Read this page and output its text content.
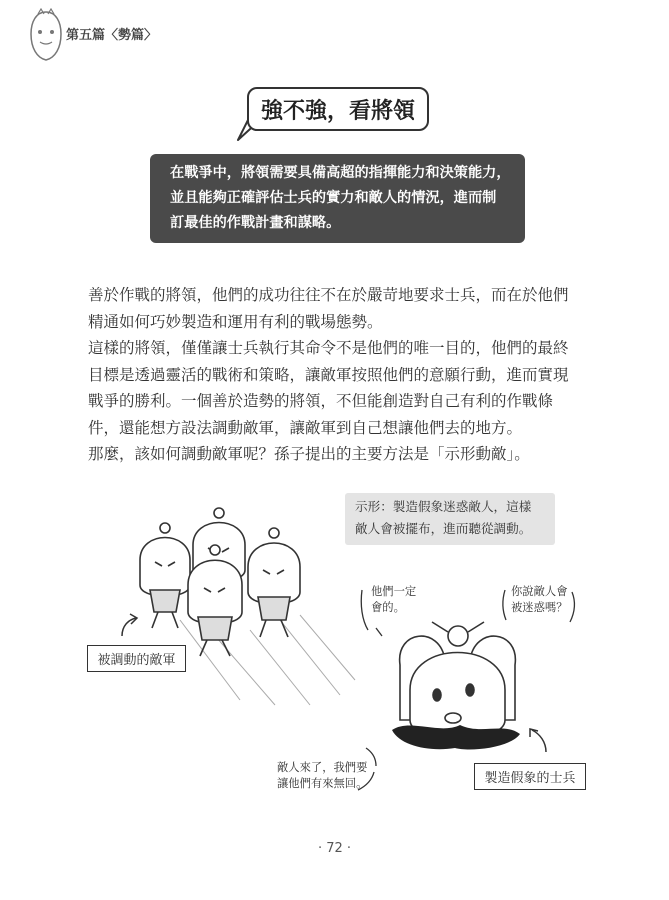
第五篇〈勢篇〉
強不強，看將領

在戰爭中，將領需要具備高超的指揮能力和決策能力，

並且能夠正確評估士兵的實力和敵人的情況，進而制

訂最佳的作戰計畫和謀略。

善於作戰的將領，他們的成功往往不在於嚴苛地要求士兵，而在於他們

精通如何巧妙製造和運用有利的戰場態勢。

這樣的將領，僅僅讓士兵執行其命令不是他們的唯一目的，他們的最終

目標是透過靈活的戰術和策略，讓敵軍按照他們的意願行動，進而實現

戰爭的勝利。一個善於造勢的將領，不但能創造對自己有利的作戰條

件，還能想方設法調動敵軍，讓敵軍到自己想讓他們去的地方。

那麼，該如何調動敵軍呢？孫子提出的主要方法是「示形動敵」。

示形：製造假象迷惑敵人，這樣

敵人會被擺布，進而聽從調動。

他們一定

會的。

你說敵人會

被迷惑嗎？

敵人來了，我們要

讓他們有來無回。

被調動的敵軍
製造假象的士兵
· 72 ·
